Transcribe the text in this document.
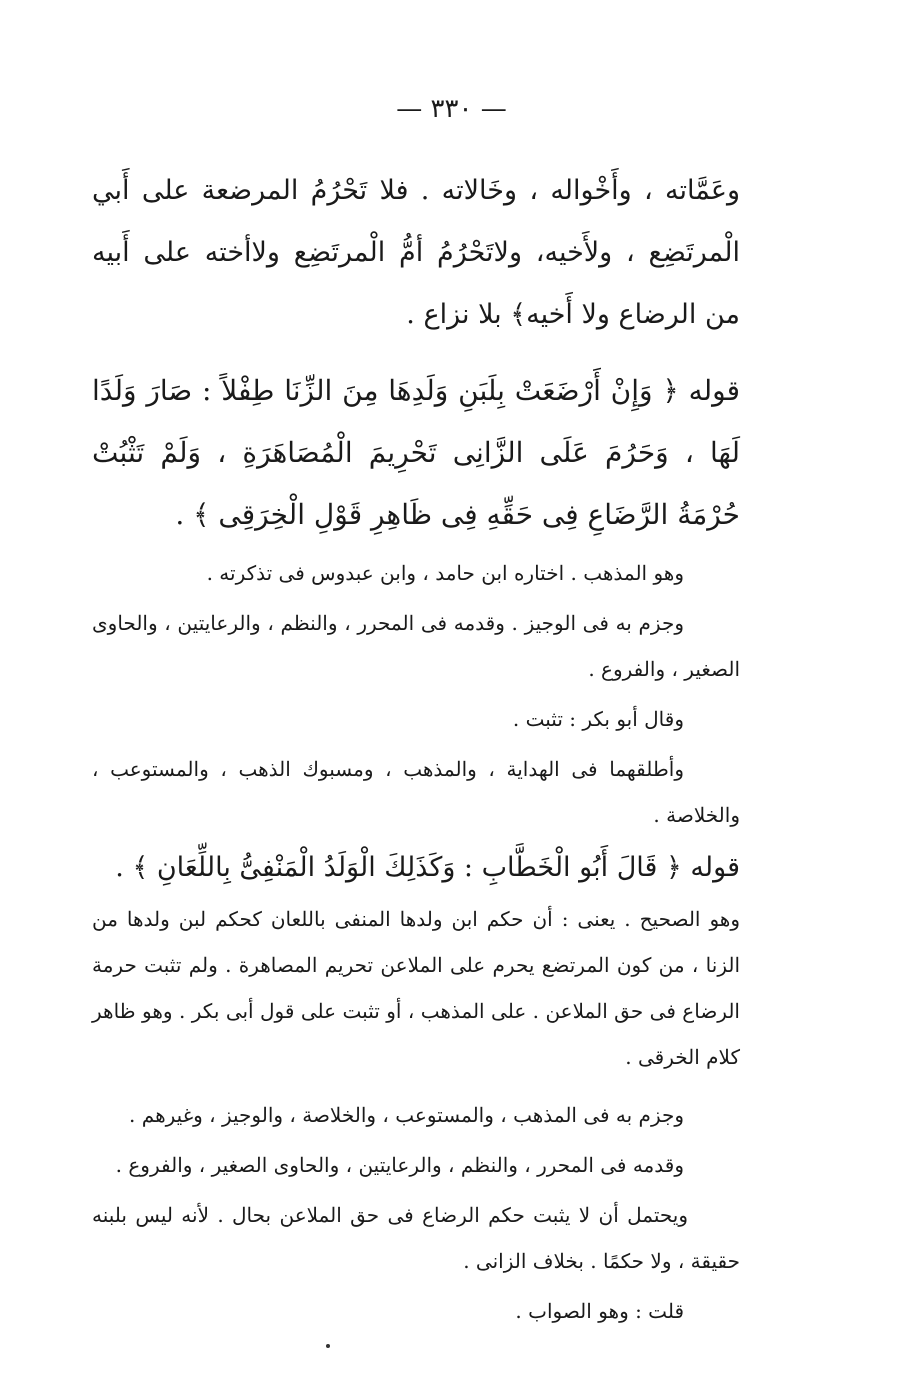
— ٣٣٠ —

وعَمَّاته ، وأَخْواله ، وخَالاته . فلا تَحْرُمُ المرضعة على أَبي الْمرتَضِع ، ولأَخيه، ولاتَحْرُمُ أمُّ الْمرتَضِع ولاأخته على أَبيه من الرضاع ولا أَخيه﴾ بلا نزاع .

قوله ﴿ وَإِنْ أَرْضَعَتْ بِلَبَنِ وَلَدِهَا مِنَ الزِّنَا طِفْلاً : صَارَ وَلَدًا لَهَا ، وَحَرُمَ عَلَى الزَّانِى تَحْرِيمَ الْمُصَاهَرَةِ ، وَلَمْ تَثْبُتْ حُرْمَةُ الرَّضَاعِ فِى حَقِّهِ فِى ظَاهِرِ قَوْلِ الْخِرَقِى ﴾ .

وهو المذهب . اختاره ابن حامد ، وابن عبدوس فى تذكرته .

وجزم به فى الوجيز . وقدمه فى المحرر ، والنظم ، والرعايتين ، والحاوى الصغير ، والفروع .

وقال أبو بكر : تثبت .

وأطلقهما فى الهداية ، والمذهب ، ومسبوك الذهب ، والمستوعب ، والخلاصة .

قوله ﴿ قَالَ أَبُو الْخَطَّابِ : وَكَذَلِكَ الْوَلَدُ الْمَنْفِىُّ بِاللِّعَانِ ﴾ .

وهو الصحيح . يعنى : أن حكم ابن ولدها المنفى باللعان كحكم لبن ولدها من الزنا ، من كون المرتضع يحرم على الملاعن تحريم المصاهرة . ولم تثبت حرمة الرضاع فى حق الملاعن . على المذهب ، أو تثبت على قول أبى بكر . وهو ظاهر كلام الخرقى .

وجزم به فى المذهب ، والمستوعب ، والخلاصة ، والوجيز ، وغيرهم .

وقدمه فى المحرر ، والنظم ، والرعايتين ، والحاوى الصغير ، والفروع .

ويحتمل أن لا يثبت حكم الرضاع فى حق الملاعن بحال . لأنه ليس بلبنه حقيقة ، ولا حكمًا . بخلاف الزانى .

قلت : وهو الصواب .
